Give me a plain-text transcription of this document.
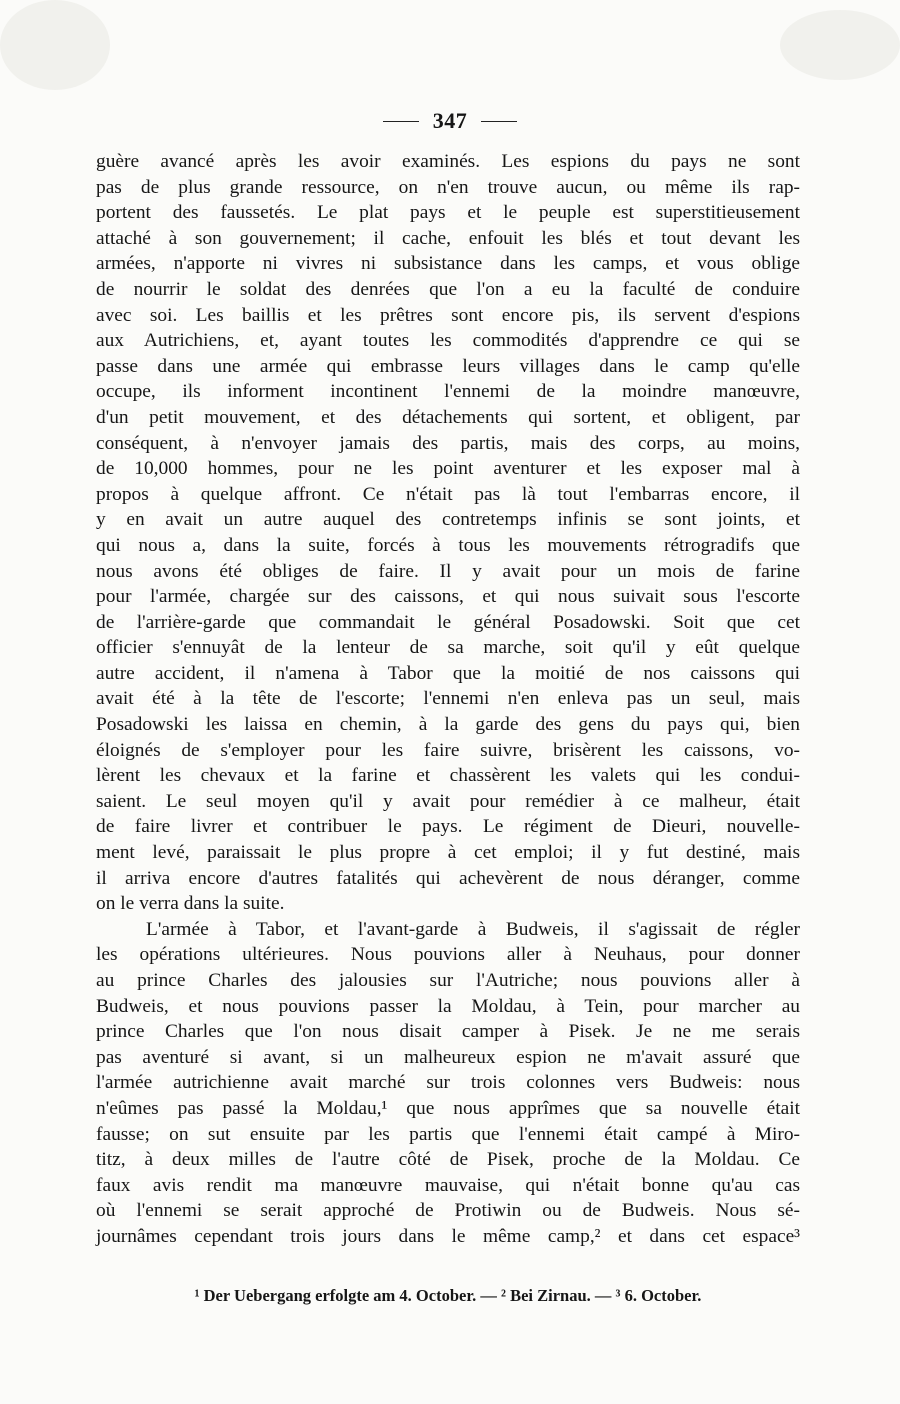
347
guère avancé après les avoir examinés. Les espions du pays ne sont
pas de plus grande ressource, on n'en trouve aucun, ou même ils rap-
portent des faussetés. Le plat pays et le peuple est superstitieusement
attaché à son gouvernement; il cache, enfouit les blés et tout devant les
armées, n'apporte ni vivres ni subsistance dans les camps, et vous oblige
de nourrir le soldat des denrées que l'on a eu la faculté de conduire
avec soi. Les baillis et les prêtres sont encore pis, ils servent d'espions
aux Autrichiens, et, ayant toutes les commodités d'apprendre ce qui se
passe dans une armée qui embrasse leurs villages dans le camp qu'elle
occupe, ils informent incontinent l'ennemi de la moindre manœuvre,
d'un petit mouvement, et des détachements qui sortent, et obligent, par
conséquent, à n'envoyer jamais des partis, mais des corps, au moins,
de 10,000 hommes, pour ne les point aventurer et les exposer mal à
propos à quelque affront. Ce n'était pas là tout l'embarras encore, il
y en avait un autre auquel des contretemps infinis se sont joints, et
qui nous a, dans la suite, forcés à tous les mouvements rétrogradifs que
nous avons été obliges de faire. Il y avait pour un mois de farine
pour l'armée, chargée sur des caissons, et qui nous suivait sous l'escorte
de l'arrière-garde que commandait le général Posadowski. Soit que cet
officier s'ennuyât de la lenteur de sa marche, soit qu'il y eût quelque
autre accident, il n'amena à Tabor que la moitié de nos caissons qui
avait été à la tête de l'escorte; l'ennemi n'en enleva pas un seul, mais
Posadowski les laissa en chemin, à la garde des gens du pays qui, bien
éloignés de s'employer pour les faire suivre, brisèrent les caissons, vo-
lèrent les chevaux et la farine et chassèrent les valets qui les condui-
saient. Le seul moyen qu'il y avait pour remédier à ce malheur, était
de faire livrer et contribuer le pays. Le régiment de Dieuri, nouvelle-
ment levé, paraissait le plus propre à cet emploi; il y fut destiné, mais
il arriva encore d'autres fatalités qui achevèrent de nous déranger, comme
on le verra dans la suite.
L'armée à Tabor, et l'avant-garde à Budweis, il s'agissait de régler
les opérations ultérieures. Nous pouvions aller à Neuhaus, pour donner
au prince Charles des jalousies sur l'Autriche; nous pouvions aller à
Budweis, et nous pouvions passer la Moldau, à Tein, pour marcher au
prince Charles que l'on nous disait camper à Pisek. Je ne me serais
pas aventuré si avant, si un malheureux espion ne m'avait assuré que
l'armée autrichienne avait marché sur trois colonnes vers Budweis: nous
n'eûmes pas passé la Moldau,¹ que nous apprîmes que sa nouvelle était
fausse; on sut ensuite par les partis que l'ennemi était campé à Miro-
titz, à deux milles de l'autre côté de Pisek, proche de la Moldau. Ce
faux avis rendit ma manœuvre mauvaise, qui n'était bonne qu'au cas
où l'ennemi se serait approché de Protiwin ou de Budweis. Nous sé-
journâmes cependant trois jours dans le même camp,² et dans cet espace³
¹ Der Uebergang erfolgte am 4. October. — ² Bei Zirnau. — ³ 6. October.
